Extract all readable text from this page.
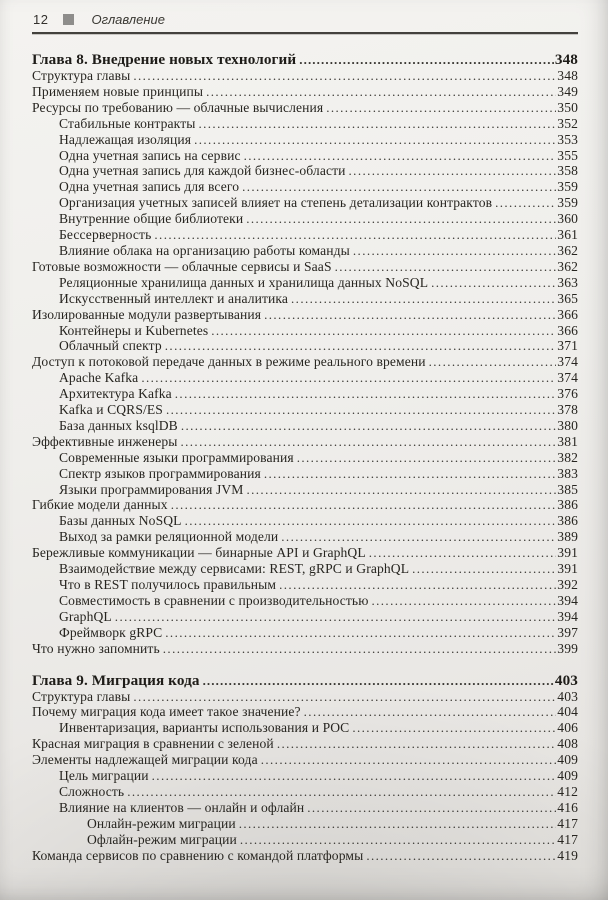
12	Оглавление
Глава 8. Внедрение новых технологий .....	348
Структура главы .....	348
Применяем новые принципы .....	349
Ресурсы по требованию — облачные вычисления .....	350
Стабильные контракты .....	352
Надлежащая изоляция .....	353
Одна учетная запись на сервис .....	355
Одна учетная запись для каждой бизнес-области .....	358
Одна учетная запись для всего .....	359
Организация учетных записей влияет на степень детализации контрактов .....	359
Внутренние общие библиотеки .....	360
Бессерверность .....	361
Влияние облака на организацию работы команды .....	362
Готовые возможности — облачные сервисы и SaaS .....	362
Реляционные хранилища данных и хранилища данных NoSQL .....	363
Искусственный интеллект и аналитика .....	365
Изолированные модули развертывания .....	366
Контейнеры и Kubernetes .....	366
Облачный спектр .....	371
Доступ к потоковой передаче данных в режиме реального времени .....	374
Apache Kafka .....	374
Архитектура Kafka .....	376
Kafka и CQRS/ES .....	378
База данных ksqlDB .....	380
Эффективные инженеры .....	381
Современные языки программирования .....	382
Спектр языков программирования .....	383
Языки программирования JVM .....	385
Гибкие модели данных .....	386
Базы данных NoSQL .....	386
Выход за рамки реляционной модели .....	389
Бережливые коммуникации — бинарные API и GraphQL .....	391
Взаимодействие между сервисами: REST, gRPC и GraphQL .....	391
Что в REST получилось правильным .....	392
Совместимость в сравнении с производительностью .....	394
GraphQL .....	394
Фреймворк gRPC .....	397
Что нужно запомнить .....	399
Глава 9. Миграция кода .....	403
Структура главы .....	403
Почему миграция кода имеет такое значение? .....	404
Инвентаризация, варианты использования и POC .....	406
Красная миграция в сравнении с зеленой .....	408
Элементы надлежащей миграции кода .....	409
Цель миграции .....	409
Сложность .....	412
Влияние на клиентов — онлайн и офлайн .....	416
Онлайн-режим миграции .....	417
Офлайн-режим миграции .....	417
Команда сервисов по сравнению с командой платформы .....	419
